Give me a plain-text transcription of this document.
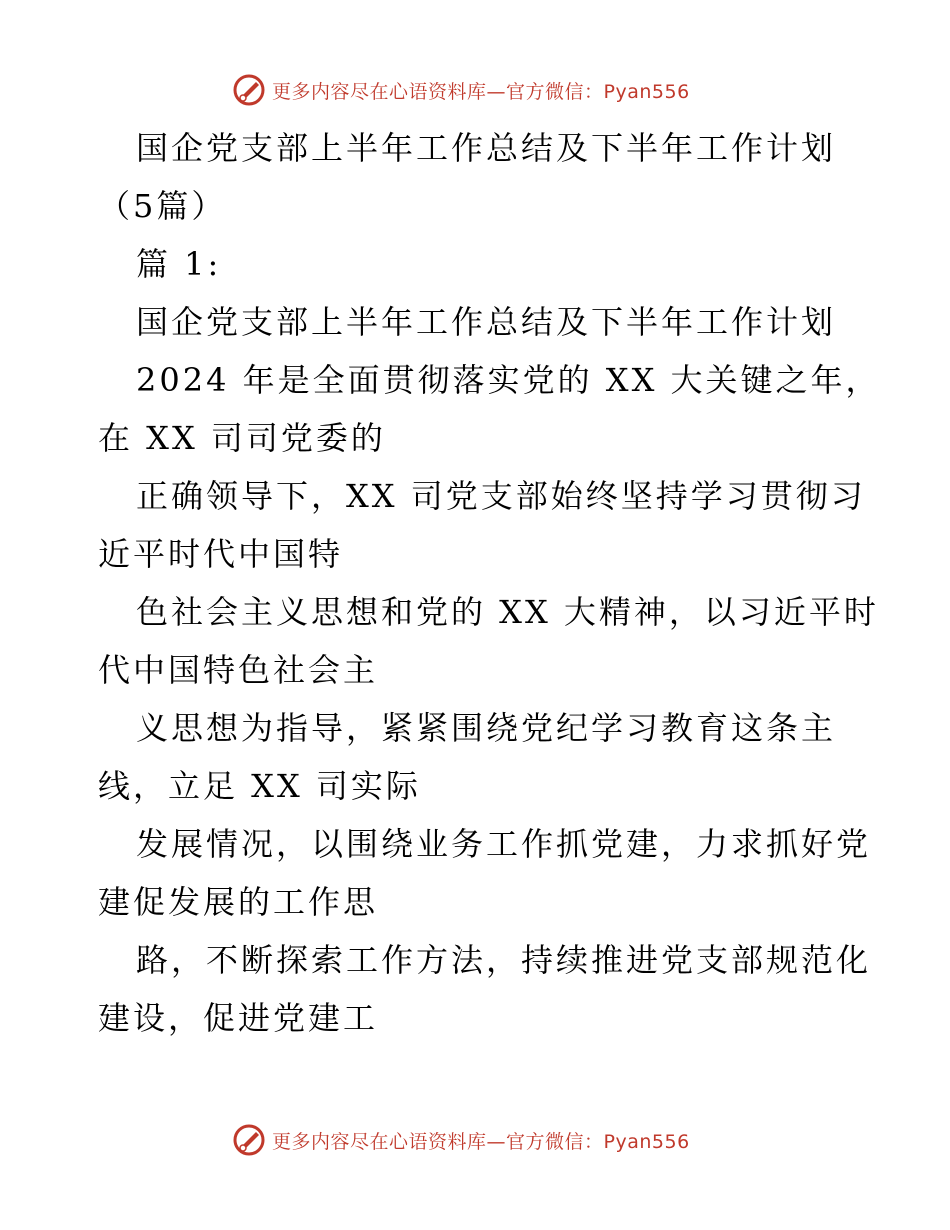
更多内容尽在心语资料库—官方微信：Pyan556
国企党支部上半年工作总结及下半年工作计划
（5篇）
篇 1:
国企党支部上半年工作总结及下半年工作计划
2024 年是全面贯彻落实党的 XX 大关键之年，
在 XX 司司党委的
正确领导下，XX 司党支部始终坚持学习贯彻习
近平时代中国特
色社会主义思想和党的 XX 大精神，以习近平时
代中国特色社会主
义思想为指导，紧紧围绕党纪学习教育这条主
线，立足 XX 司实际
发展情况，以围绕业务工作抓党建，力求抓好党
建促发展的工作思
路，不断探索工作方法，持续推进党支部规范化
建设，促进党建工
更多内容尽在心语资料库—官方微信：Pyan556
